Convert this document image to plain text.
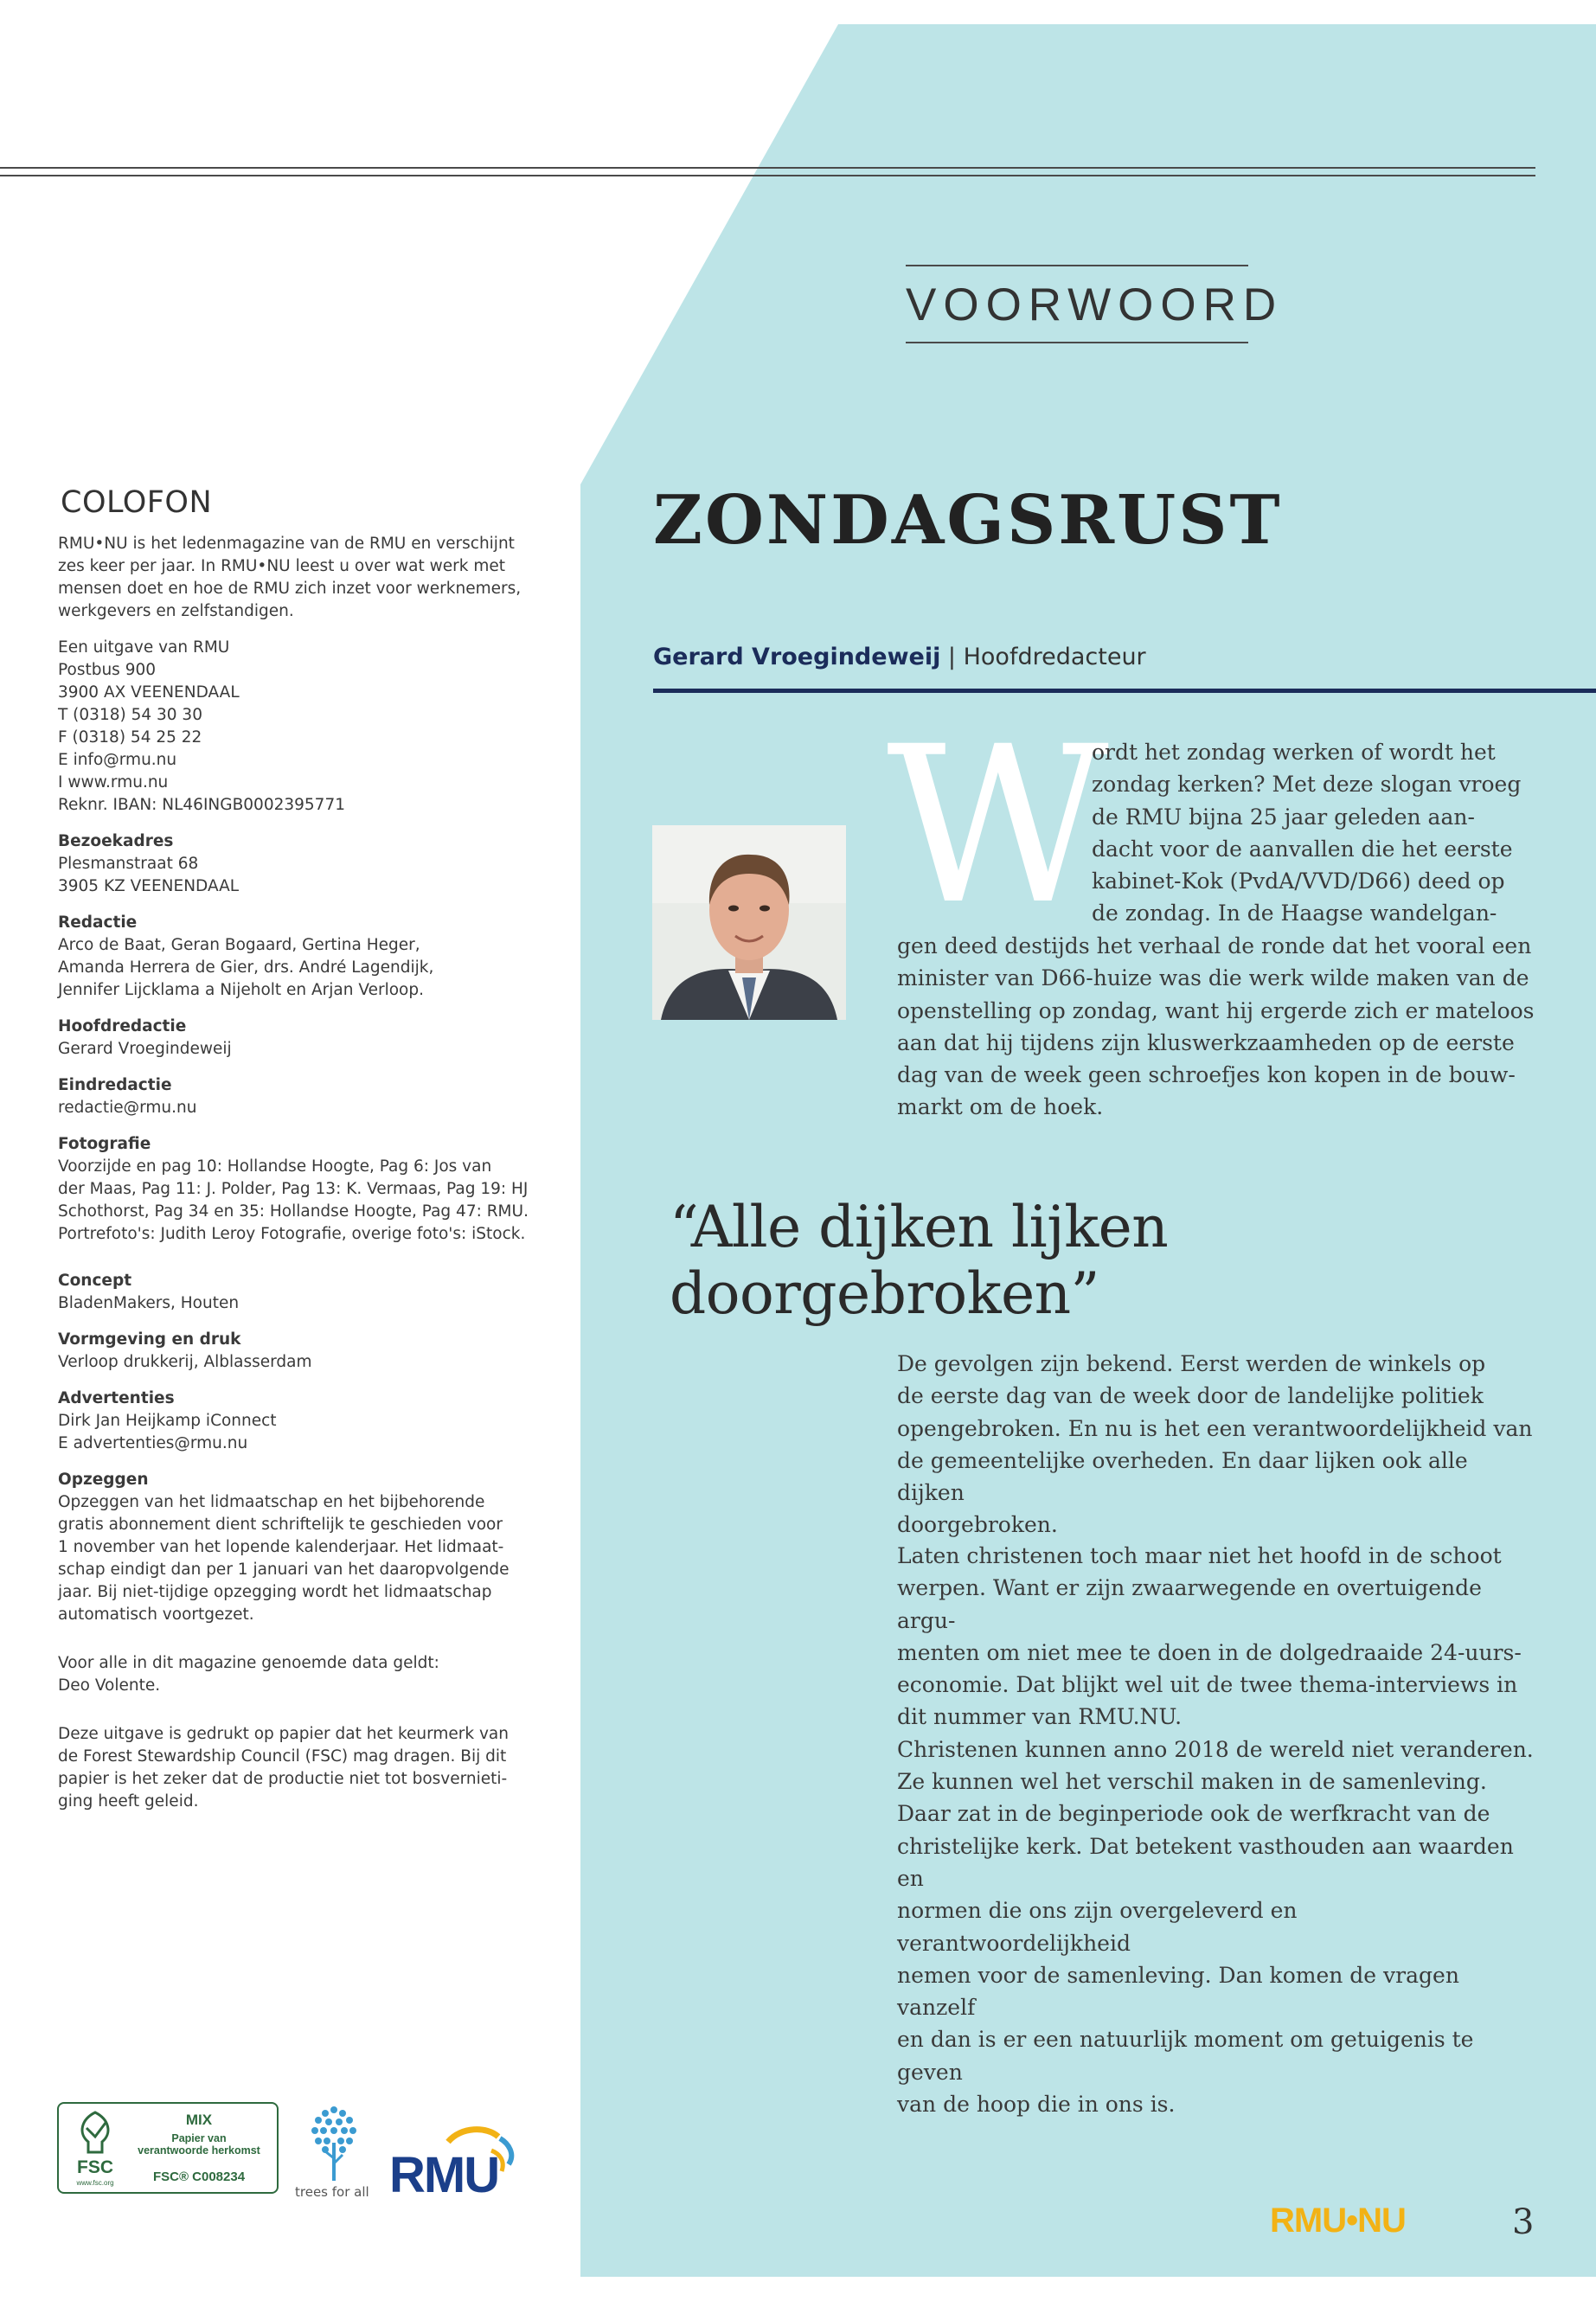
VOORWOORD
COLOFON
RMU•NU is het ledenmagazine van de RMU en verschijnt
zes keer per jaar. In RMU•NU leest u over wat werk met
mensen doet en hoe de RMU zich inzet voor werknemers,
werkgevers en zelfstandigen.
Een uitgave van RMU
Postbus 900
3900 AX VEENENDAAL
T (0318) 54 30 30
F (0318) 54 25 22
E info@rmu.nu
I www.rmu.nu
Reknr. IBAN: NL46INGB0002395771
Bezoekadres
Plesmanstraat 68
3905 KZ VEENENDAAL
Redactie
Arco de Baat, Geran Bogaard, Gertina Heger,
Amanda Herrera de Gier, drs. André Lagendijk,
Jennifer Lijcklama a Nijeholt en Arjan Verloop.
Hoofdredactie
Gerard Vroegindeweij
Eindredactie
redactie@rmu.nu
Fotografie
Voorzijde en pag 10: Hollandse Hoogte, Pag 6: Jos van
der Maas, Pag 11: J. Polder, Pag 13: K. Vermaas, Pag 19: HJ
Schothorst, Pag 34 en 35: Hollandse Hoogte, Pag 47: RMU.
Portrefoto's: Judith Leroy Fotografie, overige foto's: iStock.
Concept
BladenMakers, Houten
Vormgeving en druk
Verloop drukkerij, Alblasserdam
Advertenties
Dirk Jan Heijkamp iConnect
E advertenties@rmu.nu
Opzeggen
Opzeggen van het lidmaatschap en het bijbehorende
gratis abonnement dient schriftelijk te geschieden voor
1 november van het lopende kalenderjaar. Het lidmaat-
schap eindigt dan per 1 januari van het daaropvolgende
jaar. Bij niet-tijdige opzegging wordt het lidmaatschap
automatisch voortgezet.
Voor alle in dit magazine genoemde data geldt:
Deo Volente.
Deze uitgave is gedrukt op papier dat het keurmerk van
de Forest Stewardship Council (FSC) mag dragen. Bij dit
papier is het zeker dat de productie niet tot bosvernieti-
ging heeft geleid.
ZONDAGSRUST
Gerard Vroegindeweij | Hoofdredacteur
W
ordt het zondag werken of wordt het
zondag kerken? Met deze slogan vroeg
de RMU bijna 25 jaar geleden aan-
dacht voor de aanvallen die het eerste
kabinet-Kok (PvdA/VVD/D66) deed op
de zondag. In de Haagse wandelgan-
gen deed destijds het verhaal de ronde dat het vooral een
minister van D66-huize was die werk wilde maken van de
openstelling op zondag, want hij ergerde zich er mateloos
aan dat hij tijdens zijn kluswerkzaamheden op de eerste
dag van de week geen schroefjes kon kopen in de bouw-
markt om de hoek.
“Alle dijken lijken doorgebroken”
De gevolgen zijn bekend. Eerst werden de winkels op
de eerste dag van de week door de landelijke politiek
opengebroken. En nu is het een verantwoordelijkheid van
de gemeentelijke overheden. En daar lijken ook alle dijken
doorgebroken.
Laten christenen toch maar niet het hoofd in de schoot
werpen. Want er zijn zwaarwegende en overtuigende argu-
menten om niet mee te doen in de dolgedraaide 24-uurs-
economie. Dat blijkt wel uit de twee thema-interviews in
dit nummer van RMU.NU.
Christenen kunnen anno 2018 de wereld niet veranderen.
Ze kunnen wel het verschil maken in de samenleving.
Daar zat in de beginperiode ook de werfkracht van de
christelijke kerk. Dat betekent vasthouden aan waarden en
normen die ons zijn overgeleverd en verantwoordelijkheid
nemen voor de samenleving. Dan komen de vragen vanzelf
en dan is er een natuurlijk moment om getuigenis te geven
van de hoop die in ons is.
FSC
www.fsc.org
MIX
Papier van
verantwoorde herkomst
FSC® C008234
trees for all RMU
RMU•NU	3
